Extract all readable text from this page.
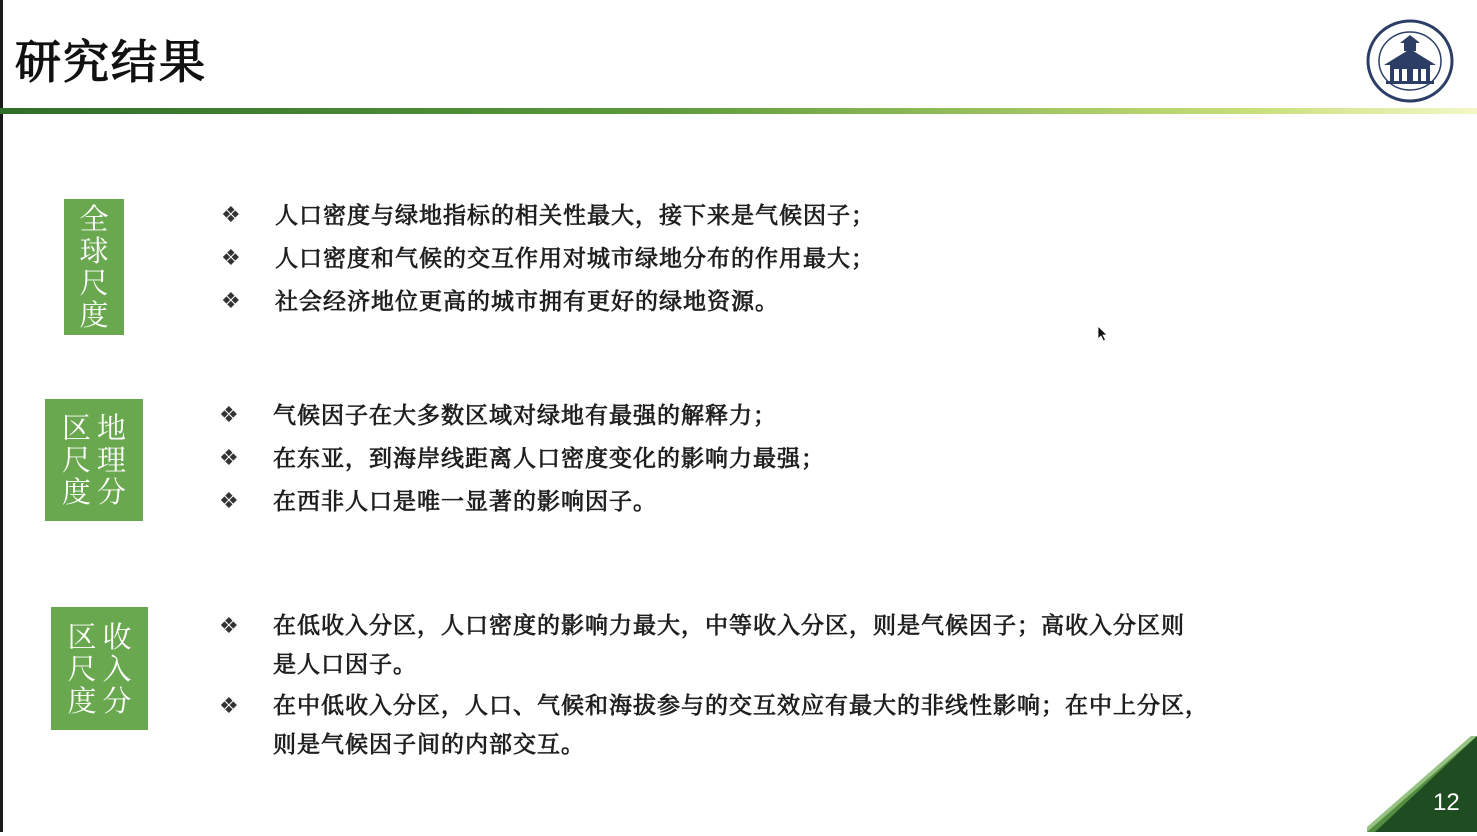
研究结果
全
球
尺
度
❖ 人口密度与绿地指标的相关性最大，接下来是气候因子；
❖ 人口密度和气候的交互作用对城市绿地分布的作用最大；
❖ 社会经济地位更高的城市拥有更好的绿地资源。
地
理
分
区
尺
度
❖ 气候因子在大多数区域对绿地有最强的解释力；
❖ 在东亚，到海岸线距离人口密度变化的影响力最强；
❖ 在西非人口是唯一显著的影响因子。
收
入
分
区
尺
度
❖ 在低收入分区，人口密度的影响力最大，中等收入分区，则是气候因子；高收入分区则
是人口因子。
❖ 在中低收入分区，人口、气候和海拔参与的交互效应有最大的非线性影响；在中上分区，
则是气候因子间的内部交互。
12
